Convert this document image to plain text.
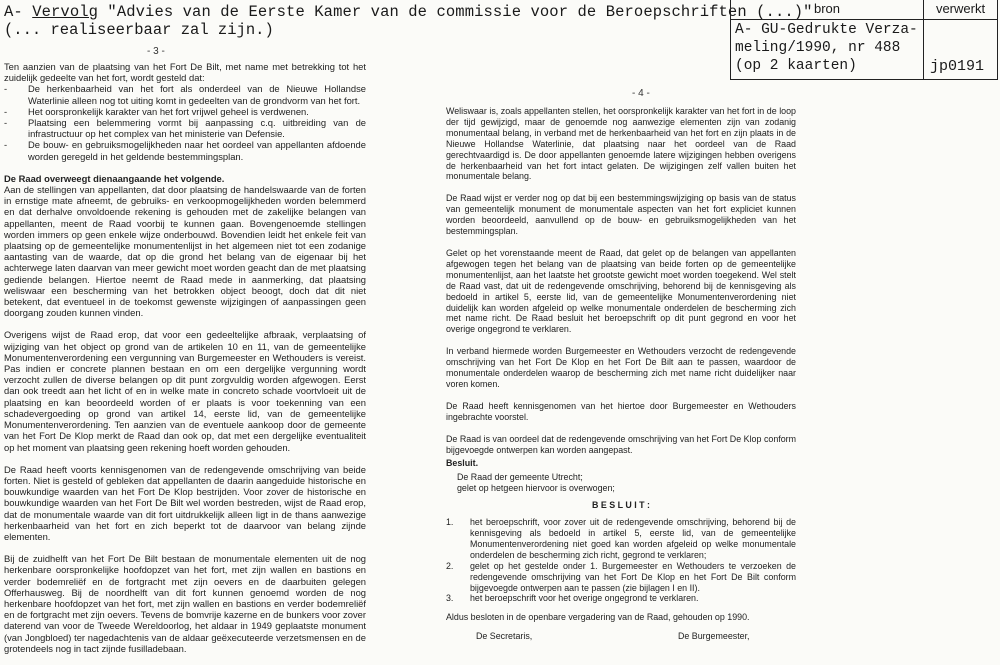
A- Vervolg "Advies van de Eerste Kamer van de commissie voor de Beroepschriften (...)"
(... realiseerbaar zal zijn.)
bron	verwerkt
A- GU-Gedrukte Verza-
meling/1990, nr 488
(op 2 kaarten)	jp0191
- 3 -

Ten aanzien van de plaatsing van het Fort De Bilt, met name met betrekking tot het zuidelijk gedeelte van het fort, wordt gesteld dat:

- De herkenbaarheid van het fort als onderdeel van de Nieuwe Hollandse Waterlinie alleen nog tot uiting komt in gedeelten van de grondvorm van het fort.
- Het oorspronkelijk karakter van het fort vrijwel geheel is verdwenen.
- Plaatsing een belemmering vormt bij aanpassing c.q. uitbreiding van de infrastructuur op het complex van het ministerie van Defensie.
- De bouw- en gebruiksmogelijkheden naar het oordeel van appellanten afdoende worden geregeld in het geldende bestemmingsplan.

De Raad overweegt dienaangaande het volgende.

Aan de stellingen van appellanten, dat door plaatsing de handelswaarde van de forten in ernstige mate afneemt, de gebruiks- en verkoopmogelijkheden worden belemmerd en dat derhalve onvoldoende rekening is gehouden met de zakelijke belangen van appellanten, meent de Raad voorbij te kunnen gaan. Bovengenoemde stellingen worden immers op geen enkele wijze onderbouwd. Bovendien leidt het enkele feit van plaatsing op de gemeentelijke monumentenlijst in het algemeen niet tot een zodanige aantasting van de waarde, dat op die grond het belang van de eigenaar bij het achterwege laten daarvan van meer gewicht moet worden geacht dan de met plaatsing gediende belangen. Hiertoe neemt de Raad mede in aanmerking, dat plaatsing weliswaar een bescherming van het betrokken object beoogt, doch dat dit niet betekent, dat eventueel in de toekomst gewenste wijzigingen of aanpassingen geen doorgang zouden kunnen vinden.

Overigens wijst de Raad erop, dat voor een gedeeltelijke afbraak, verplaatsing of wijziging van het object op grond van de artikelen 10 en 11, van de gemeentelijke Monumentenverordening een vergunning van Burgemeester en Wethouders is vereist. Pas indien er concrete plannen bestaan en om een dergelijke vergunning wordt verzocht zullen de diverse belangen op dit punt zorgvuldig worden afgewogen. Eerst dan ook treedt aan het licht of en in welke mate in concreto schade voortvloeit uit de plaatsing en kan beoordeeld worden of er plaats is voor toekenning van een schadevergoeding op grond van artikel 14, eerste lid, van de gemeentelijke Monumentenverordening. Ten aanzien van de eventuele aankoop door de gemeente van het Fort De Klop merkt de Raad dan ook op, dat met een dergelijke eventualiteit op het moment van plaatsing geen rekening hoeft worden gehouden.

De Raad heeft voorts kennisgenomen van de redengevende omschrijving van beide forten. Niet is gesteld of gebleken dat appellanten de daarin aangeduide historische en bouwkundige waarden van het Fort De Klop bestrijden. Voor zover de historische en bouwkundige waarden van het Fort De Bilt wel worden bestreden, wijst de Raad erop, dat de monumentale waarde van dit fort uitdrukkelijk alleen ligt in de thans aanwezige herkenbaarheid van het fort en zich beperkt tot de daarvoor van belang zijnde elementen.

Bij de zuidhelft van het Fort De Bilt bestaan de monumentale elementen uit de nog herkenbare oorspronkelijke hoofdopzet van het fort, met zijn wallen en bastions en verder bodemreliëf en de fortgracht met zijn oevers en de daarbuiten gelegen Offerhausweg. Bij de noordhelft van dit fort kunnen genoemd worden de nog herkenbare hoofdopzet van het fort, met zijn wallen en bastions en verder bodemreliëf en de fortgracht met zijn oevers. Tevens de bomvrije kazerne en de bunkers voor zover daterend van voor de Tweede Wereldoorlog, het aldaar in 1949 geplaatste monument (van Jongbloed) ter nagedachtenis van de aldaar geëxecuteerde verzetsmensen en de grotendeels nog in tact zijnde fusilladebaan.

- 4 -

Weliswaar is, zoals appellanten stellen, het oorspronkelijk karakter van het fort in de loop der tijd gewijzigd, maar de genoemde nog aanwezige elementen zijn van zodanig monumentaal belang, in verband met de herkenbaarheid van het fort en zijn plaats in de Nieuwe Hollandse Waterlinie, dat plaatsing naar het oordeel van de Raad gerechtvaardigd is. De door appellanten genoemde latere wijzigingen hebben overigens de herkenbaarheid van het fort intact gelaten. De wijzigingen zelf vallen buiten het monumentale belang.

De Raad wijst er verder nog op dat bij een bestemmingswijziging op basis van de status van gemeentelijk monument de monumentale aspecten van het fort expliciet kunnen worden beoordeeld, aanvullend op de bouw- en gebruiksmogelijkheden van het bestemmingsplan.

Gelet op het vorenstaande meent de Raad, dat gelet op de belangen van appellanten afgewogen tegen het belang van de plaatsing van beide forten op de gemeentelijke monumentenlijst, aan het laatste het grootste gewicht moet worden toegekend. Wel stelt de Raad vast, dat uit de redengevende omschrijving, behorend bij de kennisgeving als bedoeld in artikel 5, eerste lid, van de gemeentelijke Monumentenverordening niet duidelijk kan worden afgeleid op welke monumentale onderdelen de bescherming zich met name richt. De Raad besluit het beroepschrift op dit punt gegrond en voor het overige ongegrond te verklaren.

In verband hiermede worden Burgemeester en Wethouders verzocht de redengevende omschrijving van het Fort De Klop en het Fort De Bilt aan te passen, waardoor de monumentale onderdelen waarop de bescherming zich met name richt duidelijker naar voren komen.

De Raad heeft kennisgenomen van het hiertoe door Burgemeester en Wethouders ingebrachte voorstel.

De Raad is van oordeel dat de redengevende omschrijving van het Fort De Klop conform bijgevoegde ontwerpen kan worden aangepast.

Besluit.

De Raad der gemeente Utrecht;
gelet op hetgeen hiervoor is overwogen;

B E S L U I T :

1. het beroepschrift, voor zover uit de redengevende omschrijving, behorend bij de kennisgeving als bedoeld in artikel 5, eerste lid, van de gemeentelijke Monumentenverordening niet goed kan worden afgeleid op welke monumentale onderdelen de bescherming zich richt, gegrond te verklaren;
2. gelet op het gestelde onder 1. Burgemeester en Wethouders te verzoeken de redengevende omschrijving van het Fort De Klop en het Fort De Bilt conform bijgevoegde ontwerpen aan te passen (zie bijlagen I en II).
3. het beroepschrift voor het overige ongegrond te verklaren.

Aldus besloten in de openbare vergadering van de Raad, gehouden op 1990.

De Secretaris,	De Burgemeester,
